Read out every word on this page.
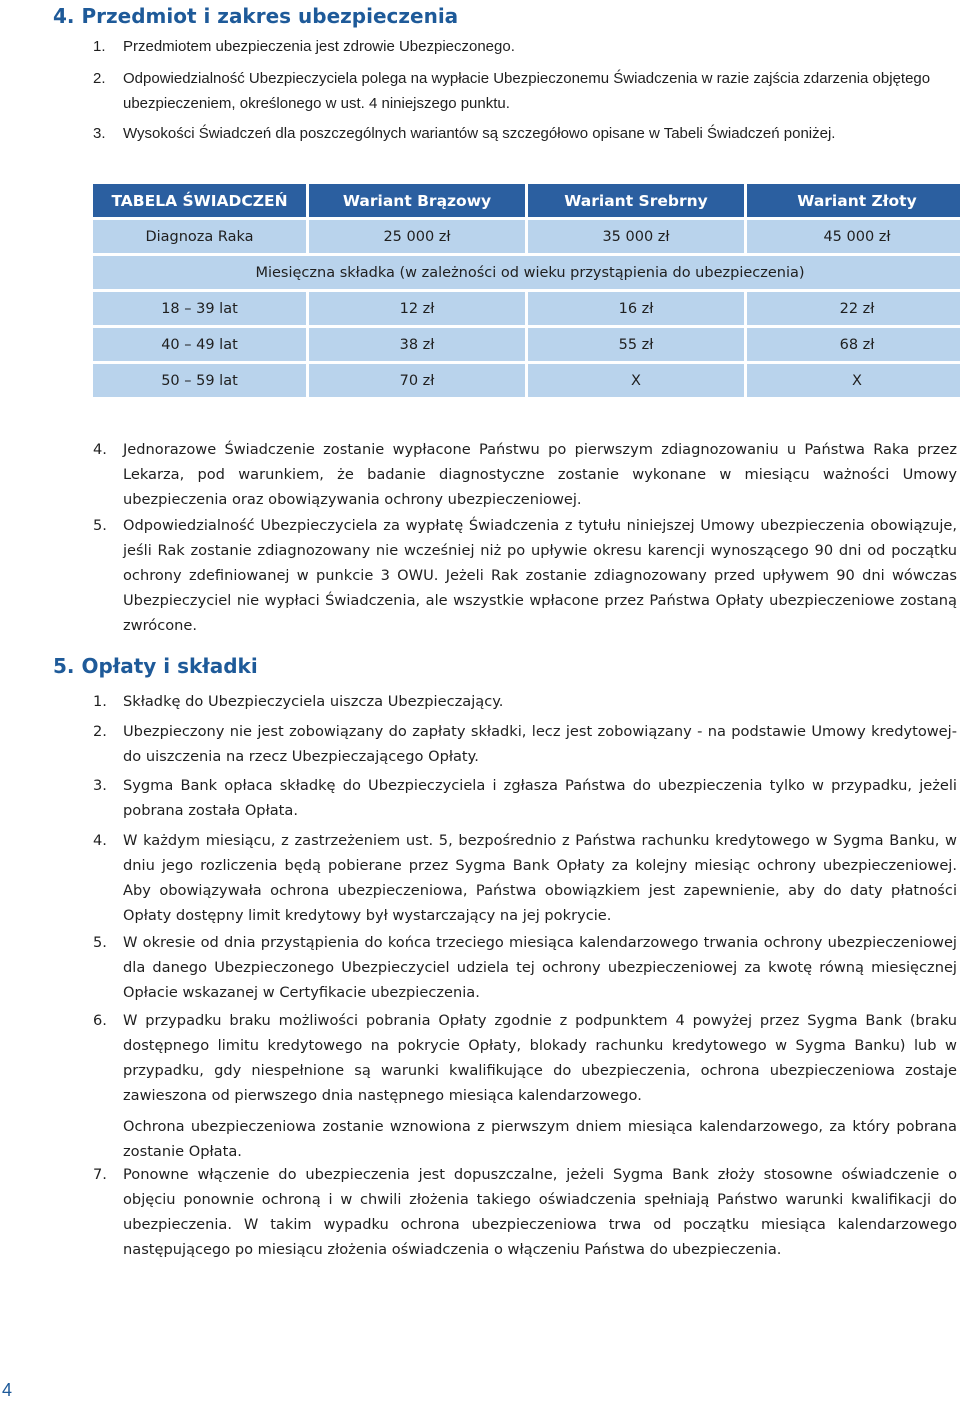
4. Przedmiot i zakres ubezpieczenia
1. Przedmiotem ubezpieczenia jest zdrowie Ubezpieczonego.

2. Odpowiedzialność Ubezpieczyciela polega na wypłacie Ubezpieczonemu Świadczenia w razie zajścia zdarzenia objętego ubezpieczeniem, określonego w ust. 4 niniejszego punktu.

3. Wysokości Świadczeń dla poszczególnych wariantów są szczegółowo opisane w Tabeli Świadczeń poniżej.

TABELA ŚWIADCZEŃ	Wariant Brązowy	Wariant Srebrny	Wariant Złoty
Diagnoza Raka	25 000 zł	35 000 zł	45 000 zł
Miesięczna składka (w zależności od wieku przystąpienia do ubezpieczenia)			
18 – 39 lat	12 zł	16 zł	22 zł
40 – 49 lat	38 zł	55 zł	68 zł
50 – 59 lat	70 zł	X	X
4. Jednorazowe Świadczenie zostanie wypłacone Państwu po pierwszym zdiagnozowaniu u Państwa Raka przez Lekarza, pod warunkiem, że badanie diagnostyczne zostanie wykonane w miesiącu ważności Umowy ubezpieczenia oraz obowiązywania ochrony ubezpieczeniowej.

5. Odpowiedzialność Ubezpieczyciela za wypłatę Świadczenia z tytułu niniejszej Umowy ubezpieczenia obowiązuje, jeśli Rak zostanie zdiagnozowany nie wcześniej niż po upływie okresu karencji wynoszącego 90 dni od początku ochrony zdefiniowanej w punkcie 3 OWU. Jeżeli Rak zostanie zdiagnozowany przed upływem 90 dni wówczas Ubezpieczyciel nie wypłaci Świadczenia, ale wszystkie wpłacone przez Państwa Opłaty ubezpieczeniowe zostaną zwrócone.

5. Opłaty i składki
1. Składkę do Ubezpieczyciela uiszcza Ubezpieczający.

2. Ubezpieczony nie jest zobowiązany do zapłaty składki, lecz jest zobowiązany - na podstawie Umowy kredytowej- do uiszczenia na rzecz Ubezpieczającego Opłaty.

3. Sygma Bank opłaca składkę do Ubezpieczyciela i zgłasza Państwa do ubezpieczenia tylko w przypadku, jeżeli pobrana została Opłata.

4. W każdym miesiącu, z zastrzeżeniem ust. 5, bezpośrednio z Państwa rachunku kredytowego w Sygma Banku, w dniu jego rozliczenia będą pobierane przez Sygma Bank Opłaty za kolejny miesiąc ochrony ubezpieczeniowej. Aby obowiązywała ochrona ubezpieczeniowa, Państwa obowiązkiem jest zapewnienie, aby do daty płatności Opłaty dostępny limit kredytowy był wystarczający na jej pokrycie.

5. W okresie od dnia przystąpienia do końca trzeciego miesiąca kalendarzowego trwania ochrony ubezpieczeniowej dla danego Ubezpieczonego Ubezpieczyciel udziela tej ochrony ubezpieczeniowej za kwotę równą miesięcznej Opłacie wskazanej w Certyfikacie ubezpieczenia.

6. W przypadku braku możliwości pobrania Opłaty zgodnie z podpunktem 4 powyżej przez Sygma Bank (braku dostępnego limitu kredytowego na pokrycie Opłaty, blokady rachunku kredytowego w Sygma Banku) lub w przypadku, gdy niespełnione są warunki kwalifikujące do ubezpieczenia, ochrona ubezpieczeniowa zostaje zawieszona od pierwszego dnia następnego miesiąca kalendarzowego.

Ochrona ubezpieczeniowa zostanie wznowiona z pierwszym dniem miesiąca kalendarzowego, za który pobrana zostanie Opłata.

7. Ponowne włączenie do ubezpieczenia jest dopuszczalne, jeżeli Sygma Bank złoży stosowne oświadczenie o objęciu ponownie ochroną i w chwili złożenia takiego oświadczenia spełniają Państwo warunki kwalifikacji do ubezpieczenia. W takim wypadku ochrona ubezpieczeniowa trwa od początku miesiąca kalendarzowego następującego po miesiącu złożenia oświadczenia o włączeniu Państwa do ubezpieczenia.

4
